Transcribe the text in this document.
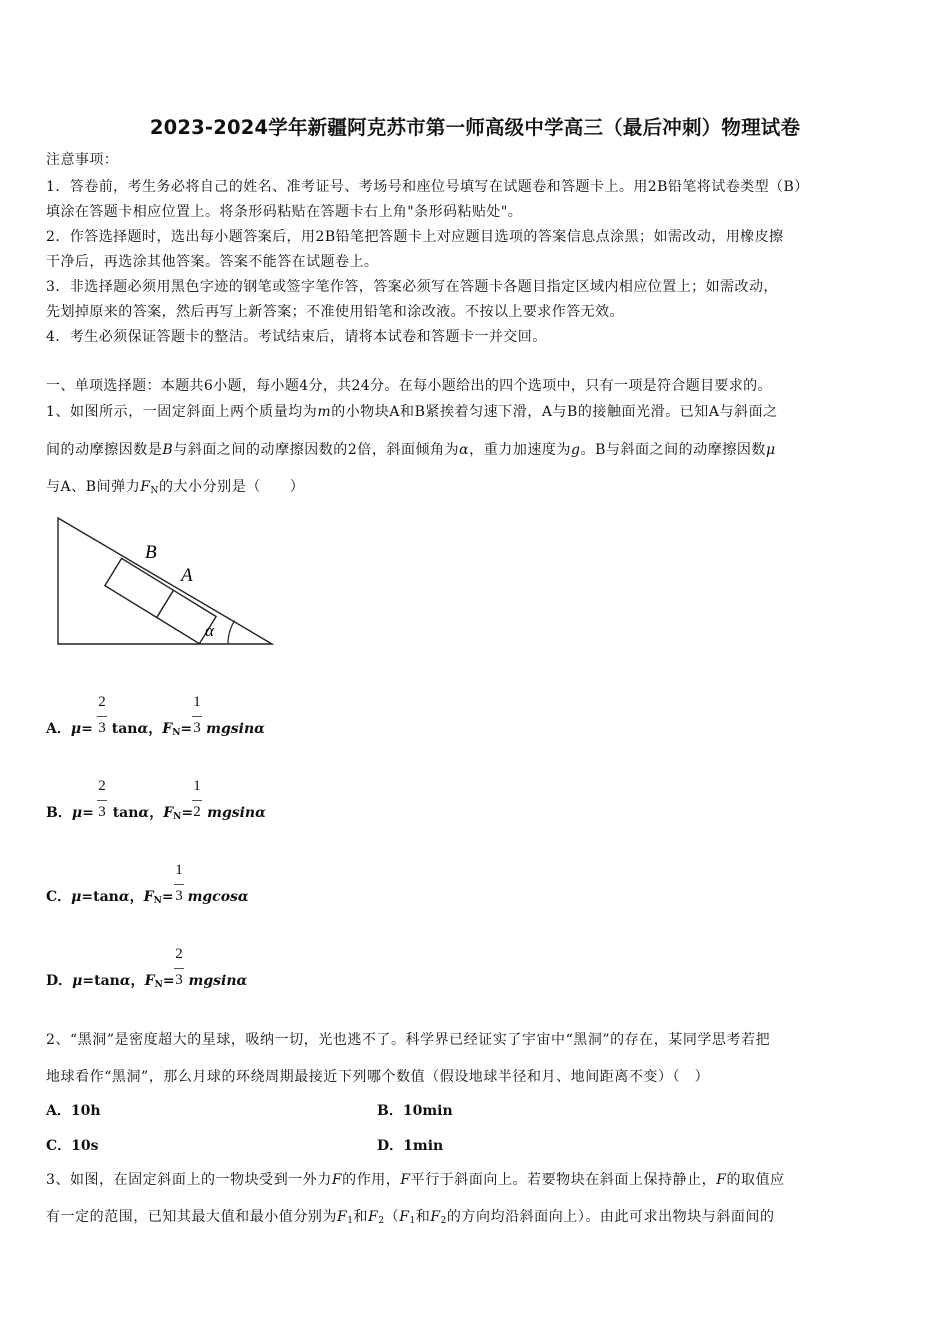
2023-2024学年新疆阿克苏市第一师高级中学高三（最后冲刺）物理试卷
注意事项：
1．答卷前，考生务必将自己的姓名、准考证号、考场号和座位号填写在试题卷和答题卡上。用2B铅笔将试卷类型（B）
填涂在答题卡相应位置上。将条形码粘贴在答题卡右上角"条形码粘贴处"。
2．作答选择题时，选出每小题答案后，用2B铅笔把答题卡上对应题目选项的答案信息点涂黑；如需改动，用橡皮擦
干净后，再选涂其他答案。答案不能答在试题卷上。
3．非选择题必须用黑色字迹的钢笔或签字笔作答，答案必须写在答题卡各题目指定区域内相应位置上；如需改动，
先划掉原来的答案，然后再写上新答案；不准使用铅笔和涂改液。不按以上要求作答无效。
4．考生必须保证答题卡的整洁。考试结束后，请将本试卷和答题卡一并交回。
一、单项选择题：本题共6小题，每小题4分，共24分。在每小题给出的四个选项中，只有一项是符合题目要求的。
1、如图所示，一固定斜面上两个质量均为m的小物块A和B紧挨着匀速下滑，A与B的接触面光滑。已知A与斜面之
间的动摩擦因数是B与斜面之间的动摩擦因数的2倍，斜面倾角为α，重力加速度为g。B与斜面之间的动摩擦因数μ
与A、B间弹力$F_N$的大小分别是（　　）
B
A
α
A．μ= tanα，$F_N= mgsin\alpha$
2
3
1
3
B．μ= tanα，$F_N= mgsin\alpha$
2
3
1
2
C．μ=tanα，$F_N= mgcos\alpha$
1
3
D．μ=tanα，$F_N= mgsin\alpha$
2
3
2、“黑洞”是密度超大的星球，吸纳一切，光也逃不了。科学界已经证实了宇宙中“黑洞”的存在，某同学思考若把
地球看作“黑洞”，那么月球的环绕周期最接近下列哪个数值（假设地球半径和月、地间距离不变）（　）
A．10h	B．10min
C．10s	D．1min
3、如图，在固定斜面上的一物块受到一外力F的作用，F平行于斜面向上。若要物块在斜面上保持静止，F的取值应
有一定的范围，已知其最大值和最小值分别为$F_1$和$F_2(F_1$和$F_2$的方向均沿斜面向上）。由此可求出物块与斜面间的
